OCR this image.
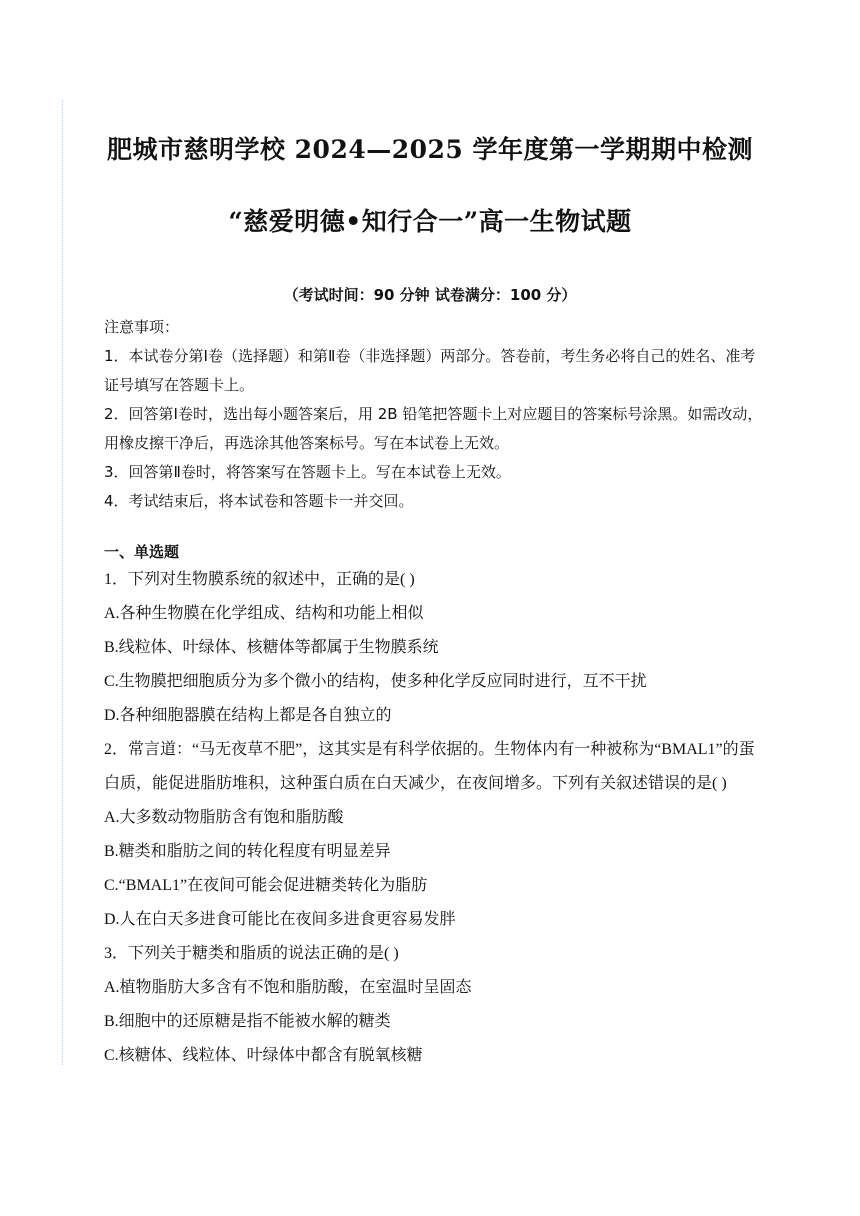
肥城市慈明学校 2024—2025 学年度第一学期期中检测
“慈爱明德•知行合一”高一生物试题
（考试时间：90 分钟 试卷满分：100 分）
注意事项：
1．本试卷分第Ⅰ卷（选择题）和第Ⅱ卷（非选择题）两部分。答卷前，考生务必将自己的姓名、准考证号填写在答题卡上。
2．回答第Ⅰ卷时，选出每小题答案后，用 2B 铅笔把答题卡上对应题目的答案标号涂黑。如需改动，用橡皮擦干净后，再选涂其他答案标号。写在本试卷上无效。
3．回答第Ⅱ卷时，将答案写在答题卡上。写在本试卷上无效。
4．考试结束后，将本试卷和答题卡一并交回。
一、单选题
1．下列对生物膜系统的叙述中，正确的是( )
A.各种生物膜在化学组成、结构和功能上相似
B.线粒体、叶绿体、核糖体等都属于生物膜系统
C.生物膜把细胞质分为多个微小的结构，使多种化学反应同时进行，互不干扰
D.各种细胞器膜在结构上都是各自独立的
2．常言道：“马无夜草不肥”，这其实是有科学依据的。生物体内有一种被称为“BMAL1”的蛋白质，能促进脂肪堆积，这种蛋白质在白天减少，在夜间增多。下列有关叙述错误的是( )
A.大多数动物脂肪含有饱和脂肪酸
B.糖类和脂肪之间的转化程度有明显差异
C.“BMAL1”在夜间可能会促进糖类转化为脂肪
D.人在白天多进食可能比在夜间多进食更容易发胖
3．下列关于糖类和脂质的说法正确的是( )
A.植物脂肪大多含有不饱和脂肪酸，在室温时呈固态
B.细胞中的还原糖是指不能被水解的糖类
C.核糖体、线粒体、叶绿体中都含有脱氧核糖
